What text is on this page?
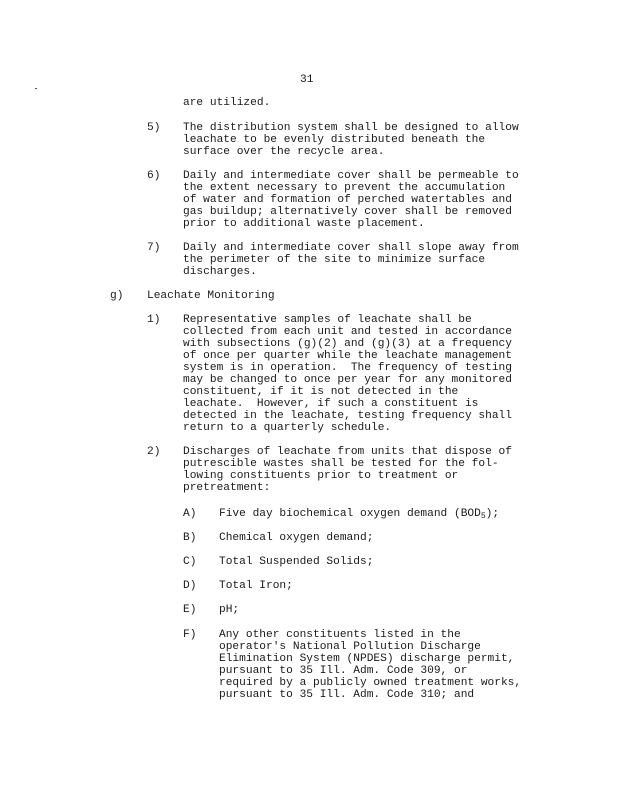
31
are utilized.
5) The distribution system shall be designed to allow
leachate to be evenly distributed beneath the
surface over the recycle area.
6) Daily and intermediate cover shall be permeable to
the extent necessary to prevent the accumulation
of water and formation of perched watertables and
gas buildup; alternatively cover shall be removed
prior to additional waste placement.
7) Daily and intermediate cover shall slope away from
the perimeter of the site to minimize surface
discharges.
g) Leachate Monitoring
1) Representative samples of leachate shall be
collected from each unit and tested in accordance
with subsections (g)(2) and (g)(3) at a frequency
of once per quarter while the leachate management
system is in operation.  The frequency of testing
may be changed to once per year for any monitored
constituent, if it is not detected in the
leachate.  However, if such a constituent is
detected in the leachate, testing frequency shall
return to a quarterly schedule.
2) Discharges of leachate from units that dispose of
putrescible wastes shall be tested for the fol-
lowing constituents prior to treatment or
pretreatment:
A) Five day biochemical oxygen demand $(BOD_5)$;
B) Chemical oxygen demand;
C) Total Suspended Solids;
D) Total Iron;
E) pH;
F) Any other constituents listed in the
operator's National Pollution Discharge
Elimination System (NPDES) discharge permit,
pursuant to 35 Ill. Adm. Code 309, or
required by a publicly owned treatment works,
pursuant to 35 Ill. Adm. Code 310; and
